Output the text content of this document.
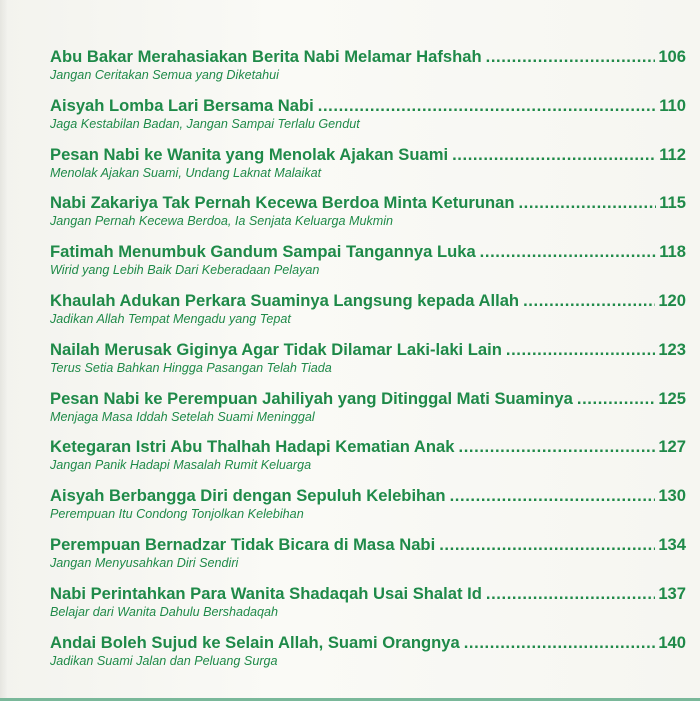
Abu Bakar Merahasiakan Berita Nabi Melamar Hafshah .....	106
Jangan Ceritakan Semua yang Diketahui
Aisyah Lomba Lari Bersama Nabi .....	110
Jaga Kestabilan Badan, Jangan Sampai Terlalu Gendut
Pesan Nabi ke Wanita yang Menolak Ajakan Suami .....	112
Menolak Ajakan Suami, Undang Laknat Malaikat
Nabi Zakariya Tak Pernah Kecewa Berdoa Minta Keturunan .....	115
Jangan Pernah Kecewa Berdoa, Ia Senjata Keluarga Mukmin
Fatimah Menumbuk Gandum Sampai Tangannya Luka .....	118
Wirid yang Lebih Baik Dari Keberadaan Pelayan
Khaulah Adukan Perkara Suaminya Langsung kepada Allah .....	120
Jadikan Allah Tempat Mengadu yang Tepat
Nailah Merusak Giginya Agar Tidak Dilamar Laki-laki Lain .....	123
Terus Setia Bahkan Hingga Pasangan Telah Tiada
Pesan Nabi ke Perempuan Jahiliyah yang Ditinggal Mati Suaminya .....	125
Menjaga Masa Iddah Setelah Suami Meninggal
Ketegaran Istri Abu Thalhah Hadapi Kematian Anak .....	127
Jangan Panik Hadapi Masalah Rumit Keluarga
Aisyah Berbangga Diri dengan Sepuluh Kelebihan .....	130
Perempuan Itu Condong Tonjolkan Kelebihan
Perempuan Bernadzar Tidak Bicara di Masa Nabi .....	134
Jangan Menyusahkan Diri Sendiri
Nabi Perintahkan Para Wanita Shadaqah Usai Shalat Id .....	137
Belajar dari Wanita Dahulu Bershadaqah
Andai Boleh Sujud ke Selain Allah, Suami Orangnya .....	140
Jadikan Suami Jalan dan Peluang Surga
